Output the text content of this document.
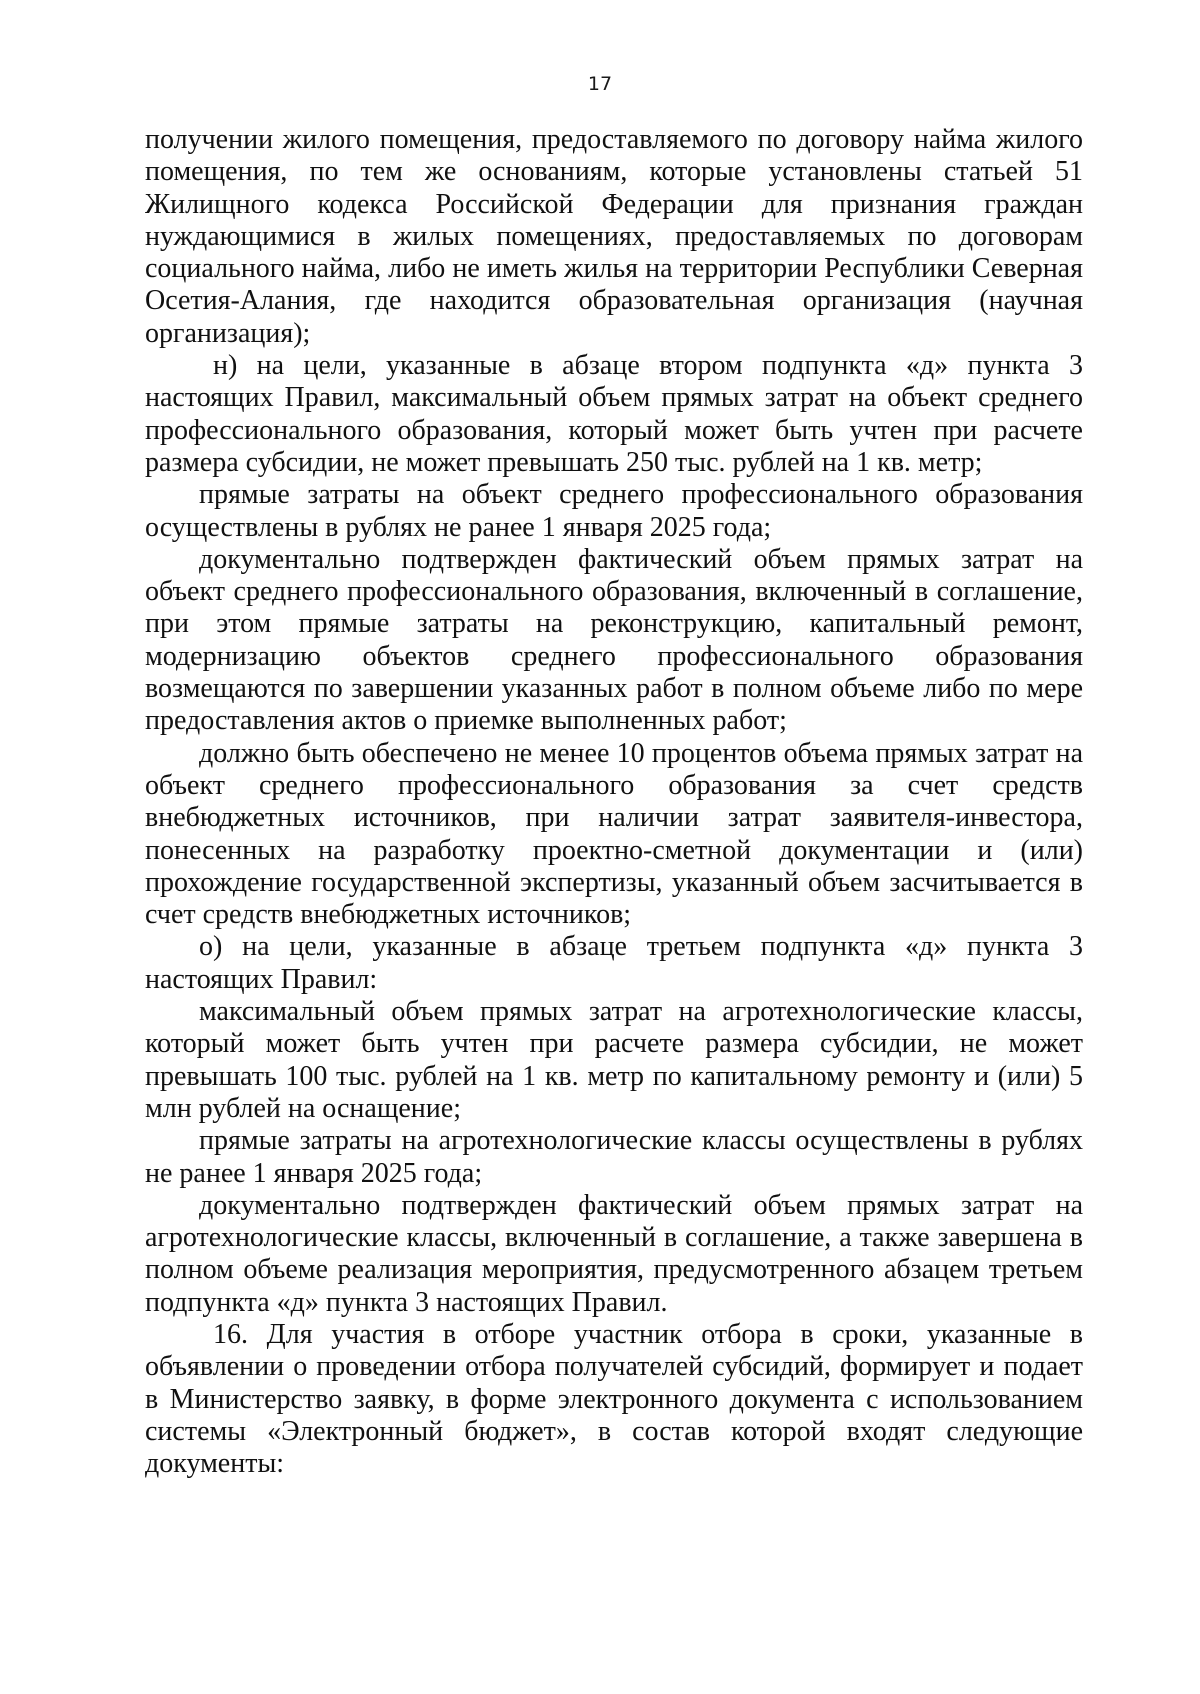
17

получении жилого помещения, предоставляемого по договору найма жилого помещения, по тем же основаниям, которые установлены статьей 51 Жилищного кодекса Российской Федерации для признания граждан нуждающимися в жилых помещениях, предоставляемых по договорам социального найма, либо не иметь жилья на территории Республики Северная Осетия-Алания, где находится образовательная организация (научная организация);

н) на цели, указанные в абзаце втором подпункта «д» пункта 3 настоящих Правил, максимальный объем прямых затрат на объект среднего профессионального образования, который может быть учтен при расчете размера субсидии, не может превышать 250 тыс. рублей на 1 кв. метр;

прямые затраты на объект среднего профессионального образования осуществлены в рублях не ранее 1 января 2025 года;

документально подтвержден фактический объем прямых затрат на объект среднего профессионального образования, включенный в соглашение, при этом прямые затраты на реконструкцию, капитальный ремонт, модернизацию объектов среднего профессионального образования возмещаются по завершении указанных работ в полном объеме либо по мере предоставления актов о приемке выполненных работ;

должно быть обеспечено не менее 10 процентов объема прямых затрат на объект среднего профессионального образования за счет средств внебюджетных источников, при наличии затрат заявителя-инвестора, понесенных на разработку проектно-сметной документации и (или) прохождение государственной экспертизы, указанный объем засчитывается в счет средств внебюджетных источников;

о) на цели, указанные в абзаце третьем подпункта «д» пункта 3 настоящих Правил:

максимальный объем прямых затрат на агротехнологические классы, который может быть учтен при расчете размера субсидии, не может превышать 100 тыс. рублей на 1 кв. метр по капитальному ремонту и (или) 5 млн рублей на оснащение;

прямые затраты на агротехнологические классы осуществлены в рублях не ранее 1 января 2025 года;

документально подтвержден фактический объем прямых затрат на агротехнологические классы, включенный в соглашение, а также завершена в полном объеме реализация мероприятия, предусмотренного абзацем третьем подпункта «д» пункта 3 настоящих Правил.

16. Для участия в отборе участник отбора в сроки, указанные в объявлении о проведении отбора получателей субсидий, формирует и подает в Министерство заявку, в форме электронного документа с использованием системы «Электронный бюджет», в состав которой входят следующие документы:
